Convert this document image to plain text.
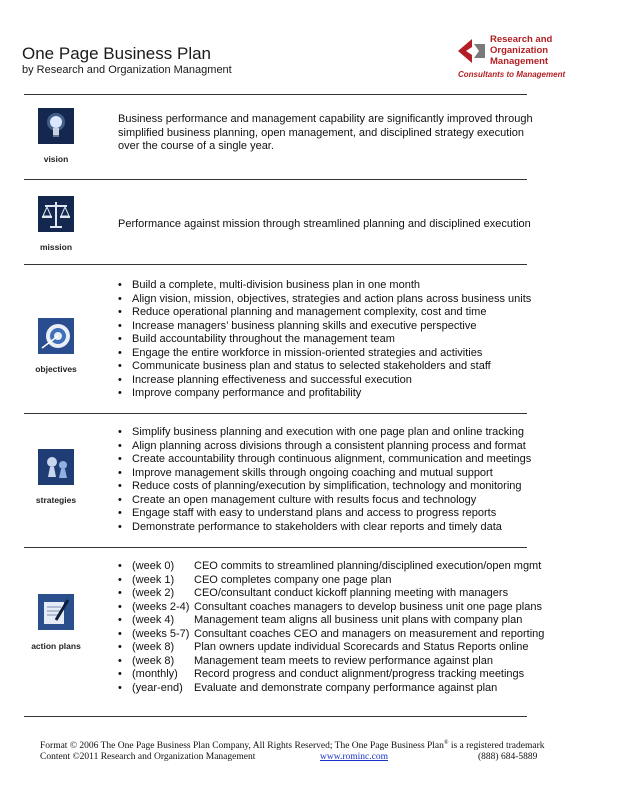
One Page Business Plan
by Research and Organization Managment
Research and
Organization
Management
Consultants to Management
vision
Business performance and management capability are significantly improved through simplified business planning, open management, and disciplined strategy execution over the course of a single year.
mission
Performance against mission through streamlined planning and disciplined execution
objectives
• Build a complete, multi-division business plan in one month
• Align vision, mission, objectives, strategies and action plans across business units
• Reduce operational planning and management complexity, cost and time
• Increase managers’ business planning skills and executive perspective
• Build accountability throughout the management team
• Engage the entire workforce in mission-oriented strategies and activities
• Communicate business plan and status to selected stakeholders and staff
• Increase planning effectiveness and successful execution
• Improve company performance and profitability
strategies
• Simplify business planning and execution with one page plan and online tracking
• Align planning across divisions through a consistent planning process and format
• Create accountability through continuous alignment, communication and meetings
• Improve management skills through ongoing coaching and mutual support
• Reduce costs of planning/execution by simplification, technology and monitoring
• Create an open management culture with results focus and technology
• Engage staff with easy to understand plans and access to progress reports
• Demonstrate performance to stakeholders with clear reports and timely data
action plans
• (week 0) CEO commits to streamlined planning/disciplined execution/open mgmt
• (week 1) CEO completes company one page plan
• (week 2) CEO/consultant conduct kickoff planning meeting with managers
• (weeks 2-4) Consultant coaches managers to develop business unit one page plans
• (week 4) Management team aligns all business unit plans with company plan
• (weeks 5-7) Consultant coaches CEO and managers on measurement and reporting
• (week 8) Plan owners update individual Scorecards and Status Reports online
• (week 8) Management team meets to review performance against plan
• (monthly) Record progress and conduct alignment/progress tracking meetings
• (year-end) Evaluate and demonstrate company performance against plan
Format © 2006 The One Page Business Plan Company, All Rights Reserved; The One Page Business Plan® is a registered trademark
Content ©2011 Research and Organization Management	www.rominc.com	(888) 684-5889
